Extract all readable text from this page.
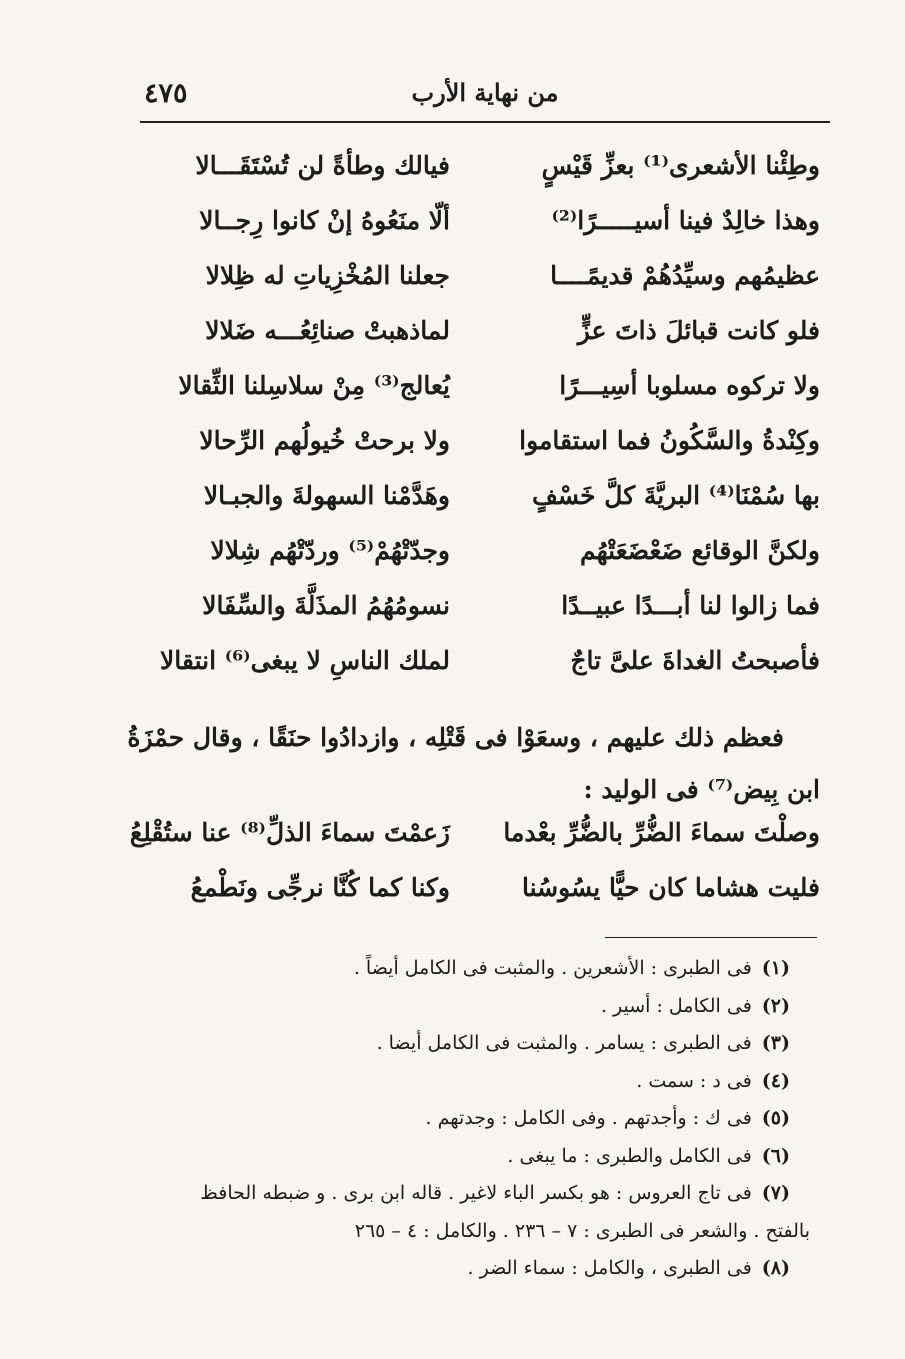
من نهاية الأرب
٤٧٥
وطِئْنا الأشعرى⁽¹⁾ بعزِّ قَيْسٍ
فيالك وطأةً لن تُسْتَقَـــالا
وهذا خالِدٌ فينا أسيـــــرًا⁽²⁾
ألّا منَعُوهُ إنْ كانوا رِجــالا
عظيمُهم وسيِّدُهُمْ قديمًــــا
جعلنا المُخْزِياتِ له ظِلالا
فلو كانت قبائلَ ذاتَ عزٍّ
لماذهبتْ صنائِعُـــه ضَلالا
ولا تركوه مسلوبا أسِيـــرًا
يُعالج⁽³⁾ مِنْ سلاسِلنا الثِّقالا
وكِنْدةُ والسَّكُونُ فما استقاموا
ولا برحتْ خُيولُهم الرِّحالا
بها سُمْنَا⁽⁴⁾ البريَّةَ كلَّ خَسْفٍ
وهَدَّمْنا السهولةَ والجبـالا
ولكنَّ الوقائع ضَعْضَعَتْهُم
وجدّتْهُمْ⁽⁵⁾ وردّتْهُم شِلالا
فما زالوا لنا أبـــدًا عبيــدًا
نسومُهُمُ المذَلَّةَ والسِّفَالا
فأصبحتُ الغداةَ علىَّ تاجٌ
لملك الناسِ لا يبغى⁽⁶⁾ انتقالا
فعظم ذلك عليهم ، وسعَوْا فى قَتْلِه ، وازدادُوا حنَقًا ، وقال حمْزَةُ
ابن بِيض⁽⁷⁾ فى الوليد :
وصلْتَ سماءَ الضُّرِّ بالضُّرِّ بعْدما
زَعمْتَ سماءَ الذلِّ⁽⁸⁾ عنا ستُقْلِعُ
فليت هشاما كان حيًّا يسُوسُنا
وكنا كما كُنَّا نرجِّى ونَطْمعُ
(١)فى الطبرى : الأشعرين . والمثبت فى الكامل أيضاً .
(٢)فى الكامل : أسير .
(٣)فى الطبرى : يسامر . والمثبت فى الكامل أيضا .
(٤)فى د : سمت .
(٥)فى ك : وأجدتهم . وفى الكامل : وجدتهم .
(٦)فى الكامل والطبرى : ما يبغى .
(٧)فى تاج العروس : هو بكسر الباء لاغير . قاله ابن برى . و ضبطه الحافظ
بالفتح . والشعر فى الطبرى : ٧ – ٢٣٦ . والكامل : ٤ – ٢٦٥
(٨)فى الطبرى ، والكامل : سماء الضر .
